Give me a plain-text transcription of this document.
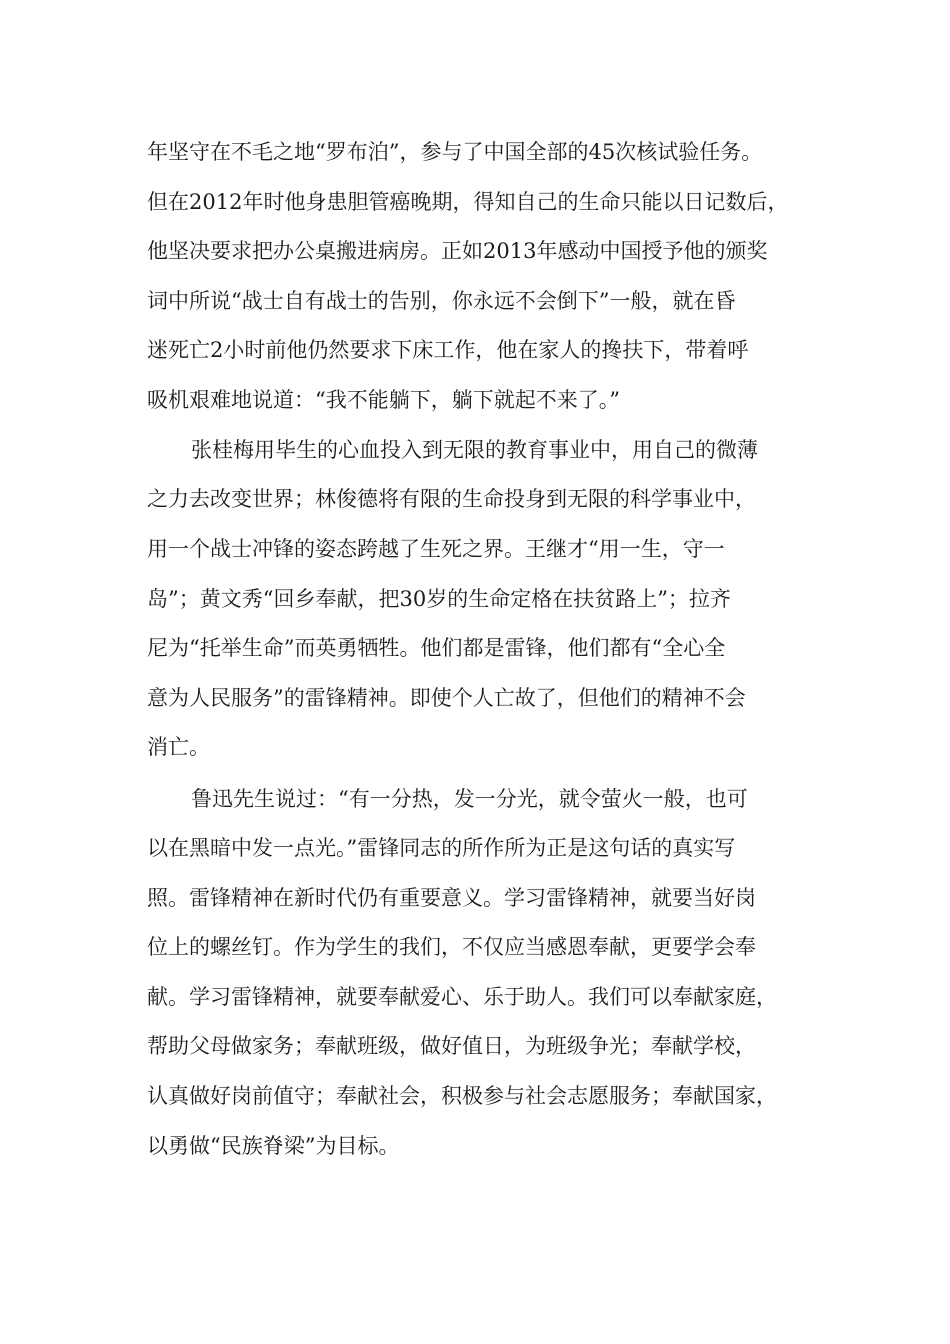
年坚守在不毛之地“罗布泊”，参与了中国全部的45次核试验任务。
但在2012年时他身患胆管癌晚期，得知自己的生命只能以日记数后，
他坚决要求把办公桌搬进病房。正如2013年感动中国授予他的颁奖
词中所说“战士自有战士的告别，你永远不会倒下”一般，就在昏
迷死亡2小时前他仍然要求下床工作，他在家人的搀扶下，带着呼
吸机艰难地说道：“我不能躺下，躺下就起不来了。”
张桂梅用毕生的心血投入到无限的教育事业中，用自己的微薄
之力去改变世界；林俊德将有限的生命投身到无限的科学事业中，
用一个战士冲锋的姿态跨越了生死之界。王继才“用一生，守一
岛”；黄文秀“回乡奉献，把30岁的生命定格在扶贫路上”；拉齐
尼为“托举生命”而英勇牺牲。他们都是雷锋，他们都有“全心全
意为人民服务”的雷锋精神。即使个人亡故了，但他们的精神不会
消亡。
鲁迅先生说过：“有一分热，发一分光，就令萤火一般，也可
以在黑暗中发一点光。”雷锋同志的所作所为正是这句话的真实写
照。雷锋精神在新时代仍有重要意义。学习雷锋精神，就要当好岗
位上的螺丝钉。作为学生的我们，不仅应当感恩奉献，更要学会奉
献。学习雷锋精神，就要奉献爱心、乐于助人。我们可以奉献家庭，
帮助父母做家务；奉献班级，做好值日，为班级争光；奉献学校，
认真做好岗前值守；奉献社会，积极参与社会志愿服务；奉献国家，
以勇做“民族脊梁”为目标。
